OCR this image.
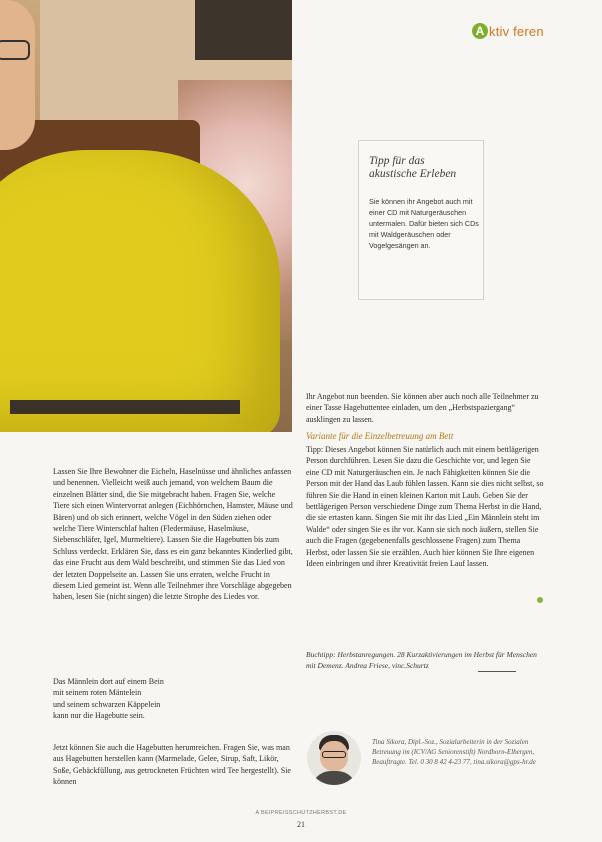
A ktiv feren
Tipp für das
akustische Erleben
Sie können ihr Angebot auch mit einer CD mit Naturgeräuschen untermalen. Dafür bieten sich CDs mit Waldgeräuschen oder Vogelgesängen an.

Lassen Sie Ihre Bewohner die Eicheln, Haselnüsse und ähnliches anfassen und benennen. Vielleicht weiß auch jemand, von welchem Baum die einzelnen Blätter sind, die Sie mitgebracht haben. Fragen Sie, welche Tiere sich einen Wintervorrat anlegen (Eichhörnchen, Hamster, Mäuse und Bären) und ob sich erinnert, welche Vögel in den Süden ziehen oder welche Tiere Winterschlaf halten (Fledermäuse, Haselmäuse, Siebenschläfer, Igel, Murmeltiere). Lassen Sie die Hagebutten bis zum Schluss verdeckt. Erklären Sie, dass es ein ganz bekanntes Kinderlied gibt, das eine Frucht aus dem Wald beschreibt, und stimmen Sie das Lied von der letzten Doppelseite an. Lassen Sie uns erraten, welche Frucht in diesem Lied gemeint ist. Wenn alle Teilnehmer ihre Vorschläge abgegeben haben, lesen Sie (nicht singen) die letzte Strophe des Liedes vor.

Das Männlein dort auf einem Bein

mit seinem roten Mäntelein

und seinem schwarzen Käppelein

kann nur die Hagebutte sein.

Jetzt können Sie auch die Hagebutten herumreichen. Fragen Sie, was man aus Hagebutten herstellen kann (Marmelade, Gelee, Sirup, Saft, Likör, Soße, Gebäckfüllung, aus getrockneten Früchten wird Tee hergestellt). Sie können

Ihr Angebot nun beenden. Sie können aber auch noch alle Teilnehmer zu einer Tasse Hagebuttentee einladen, um den „Herbstspaziergang“ ausklingen zu lassen.

Variante für die Einzelbetreuung am Bett

Tipp: Dieses Angebot können Sie natürlich auch mit einem bettlägerigen Person durchführen. Lesen Sie dazu die Geschichte vor, und legen Sie eine CD mit Naturgeräuschen ein. Je nach Fähigkeiten können Sie die Person mit der Hand das Laub fühlen lassen. Kann sie dies nicht selbst, so führen Sie die Hand in einen kleinen Karton mit Laub. Geben Sie der bettlägerigen Person verschiedene Dinge zum Thema Herbst in die Hand, die sie ertasten kann. Singen Sie mit ihr das Lied „Ein Männlein steht im Walde“ oder singen Sie es ihr vor. Kann sie sich noch äußern, stellen Sie auch die Fragen (gegebenenfalls geschlossene Fragen) zum Thema Herbst, oder lassen Sie sie erzählen. Auch hier können Sie Ihre eigenen Ideen einbringen und ihrer Kreativität freien Lauf lassen.

Buchtipp: Herbstanregungen. 28 Kurzaktivierungen im Herbst für Menschen mit Demenz. Andrea Friese, vinc.Schurtz
Tina Sikora, Dipl.-Soz., Sozialarbeiterin in der Sozialen Betreuung im (ICV/AG Seniorenstift) Nordhorn-Elbergen, Beauftragte. Tel. 0 30 8 42 4-23 77, tina.sikora@gps-hr.de
A BEIPREISSCHUTZHERBST.DE
21
